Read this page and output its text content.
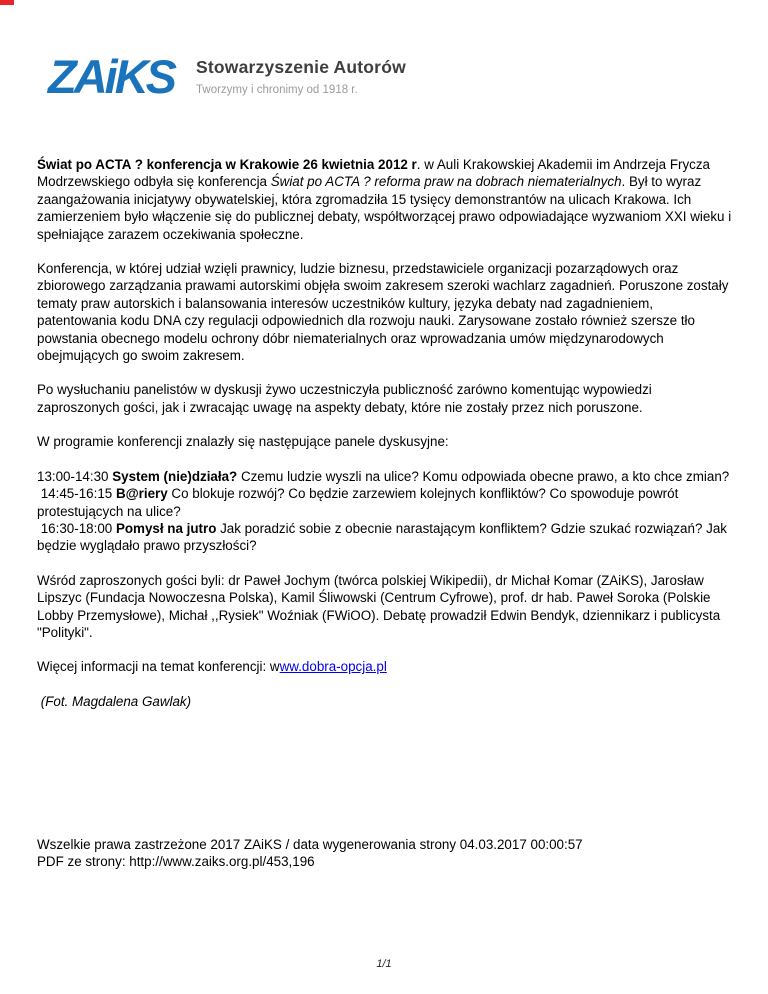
ZAiKS Stowarzyszenie Autorów
Tworzymy i chronimy od 1918 r.

Świat po ACTA ? konferencja w Krakowie 26 kwietnia 2012 r. w Auli Krakowskiej Akademii im Andrzeja Frycza Modrzewskiego odbyła się konferencja Świat po ACTA ? reforma praw na dobrach niematerialnych. Był to wyraz zaangażowania inicjatywy obywatelskiej, która zgromadziła 15 tysięcy demonstrantów na ulicach Krakowa. Ich zamierzeniem było włączenie się do publicznej debaty, współtworzącej prawo odpowiadające wyzwaniom XXI wieku i spełniające zarazem oczekiwania społeczne.

Konferencja, w której udział wzięli prawnicy, ludzie biznesu, przedstawiciele organizacji pozarządowych oraz zbiorowego zarządzania prawami autorskimi objęła swoim zakresem szeroki wachlarz zagadnień. Poruszone zostały tematy praw autorskich i balansowania interesów uczestników kultury, języka debaty nad zagadnieniem, patentowania kodu DNA czy regulacji odpowiednich dla rozwoju nauki. Zarysowane zostało również szersze tło powstania obecnego modelu ochrony dóbr niematerialnych oraz wprowadzania umów międzynarodowych obejmujących go swoim zakresem.

Po wysłuchaniu panelistów w dyskusji żywo uczestniczyła publiczność zarówno komentując wypowiedzi zaproszonych gości, jak i zwracając uwagę na aspekty debaty, które nie zostały przez nich poruszone.

W programie konferencji znalazły się następujące panele dyskusyjne:

13:00-14:30 System (nie)działa? Czemu ludzie wyszli na ulice? Komu odpowiada obecne prawo, a kto chce zmian?
14:45-16:15 B@riery Co blokuje rozwój? Co będzie zarzewiem kolejnych konfliktów? Co spowoduje powrót protestujących na ulice?
16:30-18:00 Pomysł na jutro Jak poradzić sobie z obecnie narastającym konfliktem? Gdzie szukać rozwiązań? Jak będzie wyglądało prawo przyszłości?

Wśród zaproszonych gości byli: dr Paweł Jochym (twórca polskiej Wikipedii), dr Michał Komar (ZAiKS), Jarosław Lipszyc (Fundacja Nowoczesna Polska), Kamil Śliwowski (Centrum Cyfrowe), prof. dr hab. Paweł Soroka (Polskie Lobby Przemysłowe), Michał ,,Rysiek" Woźniak (FWiOO). Debatę prowadził Edwin Bendyk, dziennikarz i publicysta "Polityki".

Więcej informacji na temat konferencji: www.dobra-opcja.pl

(Fot. Magdalena Gawlak)

Wszelkie prawa zastrzeżone 2017 ZAiKS / data wygenerowania strony 04.03.2017 00:00:57
PDF ze strony: http://www.zaiks.org.pl/453,196
1/1
